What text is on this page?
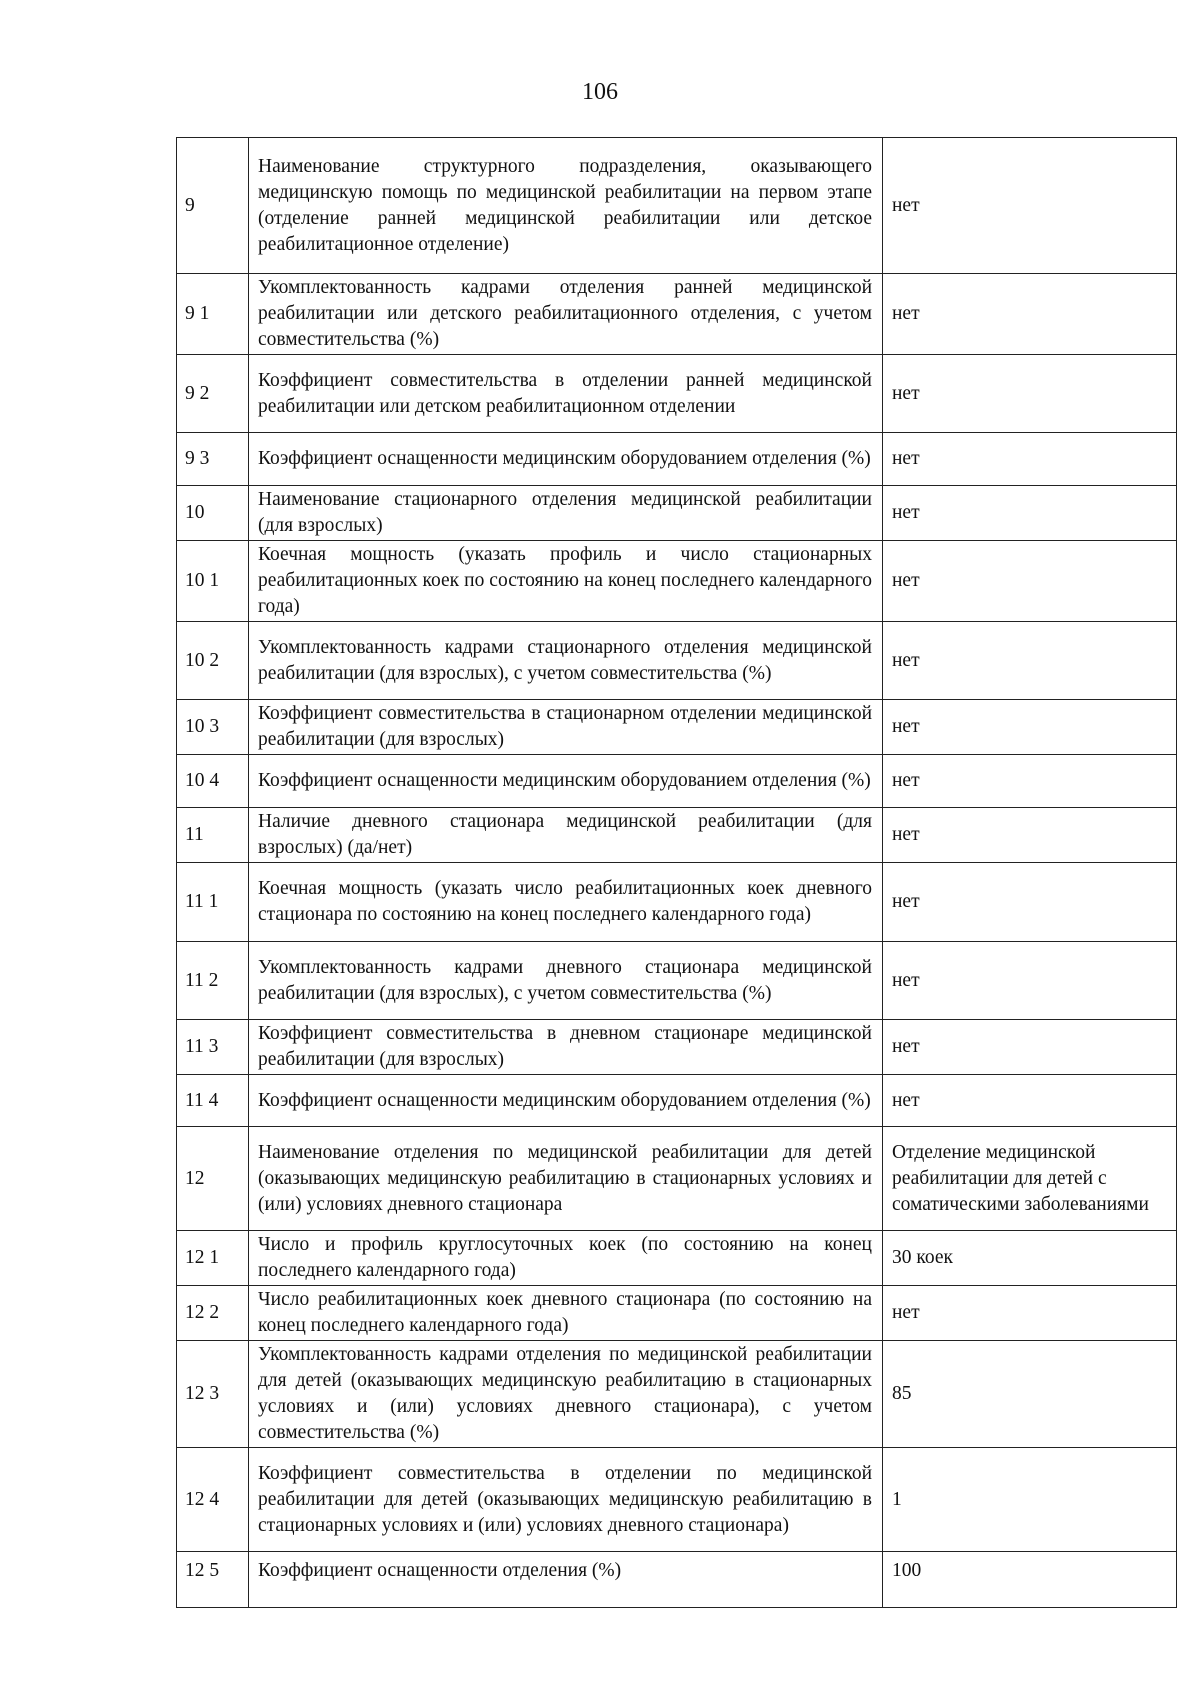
106
9	Наименование структурного подразделения, оказывающего медицинскую помощь по медицинской реабилитации на первом этапе (отделение ранней медицинской реабилитации или детское реабилитационное отделение)	нет
9 1	Укомплектованность кадрами отделения ранней медицинской реабилитации или детского реабилитационного отделения, с учетом совместительства (%)	нет
9 2	Коэффициент совместительства в отделении ранней медицинской реабилитации или детском реабилитационном отделении	нет
9 3	Коэффициент оснащенности медицинским оборудованием отделения (%)	нет
10	Наименование стационарного отделения медицинской реабилитации (для взрослых)	нет
10 1	Коечная мощность (указать профиль и число стационарных реабилитационных коек по состоянию на конец последнего календарного года)	нет
10 2	Укомплектованность кадрами стационарного отделения медицинской реабилитации (для взрослых), с учетом совместительства (%)	нет
10 3	Коэффициент совместительства в стационарном отделении медицинской реабилитации (для взрослых)	нет
10 4	Коэффициент оснащенности медицинским оборудованием отделения (%)	нет
11	Наличие дневного стационара медицинской реабилитации (для взрослых) (да/нет)	нет
11 1	Коечная мощность (указать число реабилитационных коек дневного стационара по состоянию на конец последнего календарного года)	нет
11 2	Укомплектованность кадрами дневного стационара медицинской реабилитации (для взрослых), с учетом совместительства (%)	нет
11 3	Коэффициент совместительства в дневном стационаре медицинской реабилитации (для взрослых)	нет
11 4	Коэффициент оснащенности медицинским оборудованием отделения (%)	нет
12	Наименование отделения по медицинской реабилитации для детей (оказывающих медицинскую реабилитацию в стационарных условиях и (или) условиях дневного стационара	Отделение медицинской реабилитации для детей с соматическими заболеваниями
12 1	Число и профиль круглосуточных коек (по состоянию на конец последнего календарного года)	30 коек
12 2	Число реабилитационных коек дневного стационара (по состоянию на конец последнего календарного года)	нет
12 3	Укомплектованность кадрами отделения по медицинской реабилитации для детей (оказывающих медицинскую реабилитацию в стационарных условиях и (или) условиях дневного стационара), с учетом совместительства (%)	85
12 4	Коэффициент совместительства в отделении по медицинской реабилитации для детей (оказывающих медицинскую реабилитацию в стационарных условиях и (или) условиях дневного стационара)	1
12 5	Коэффициент оснащенности отделения (%)	100
